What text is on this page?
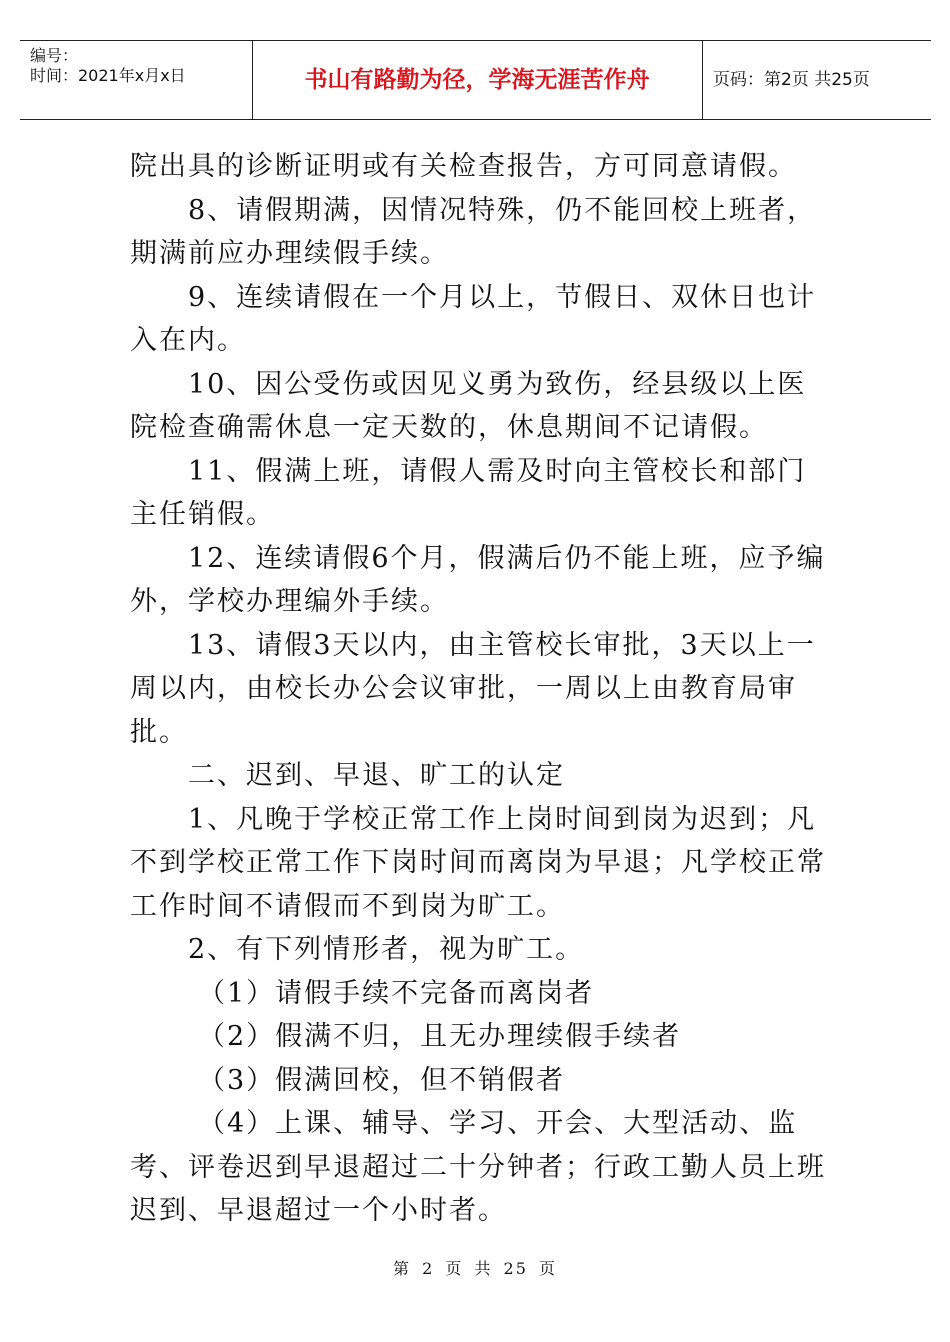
编号：
时间：2021年x月x日	书山有路勤为径，学海无涯苦作舟	页码：第2页 共25页

院出具的诊断证明或有关检查报告，方可同意请假。

8、请假期满，因情况特殊，仍不能回校上班者，期满前应办理续假手续。

9、连续请假在一个月以上，节假日、双休日也计入在内。

10、因公受伤或因见义勇为致伤，经县级以上医院检查确需休息一定天数的，休息期间不记请假。

11、假满上班，请假人需及时向主管校长和部门主任销假。

12、连续请假6个月，假满后仍不能上班，应予编外，学校办理编外手续。

13、请假3天以内，由主管校长审批，3天以上一周以内，由校长办公会议审批，一周以上由教育局审批。

二、迟到、早退、旷工的认定

1、凡晚于学校正常工作上岗时间到岗为迟到；凡不到学校正常工作下岗时间而离岗为早退；凡学校正常工作时间不请假而不到岗为旷工。

2、有下列情形者，视为旷工。

（1）请假手续不完备而离岗者

（2）假满不归，且无办理续假手续者

（3）假满回校，但不销假者

（4）上课、辅导、学习、开会、大型活动、监考、评卷迟到早退超过二十分钟者；行政工勤人员上班迟到、早退超过一个小时者。

第 2 页 共 25 页
